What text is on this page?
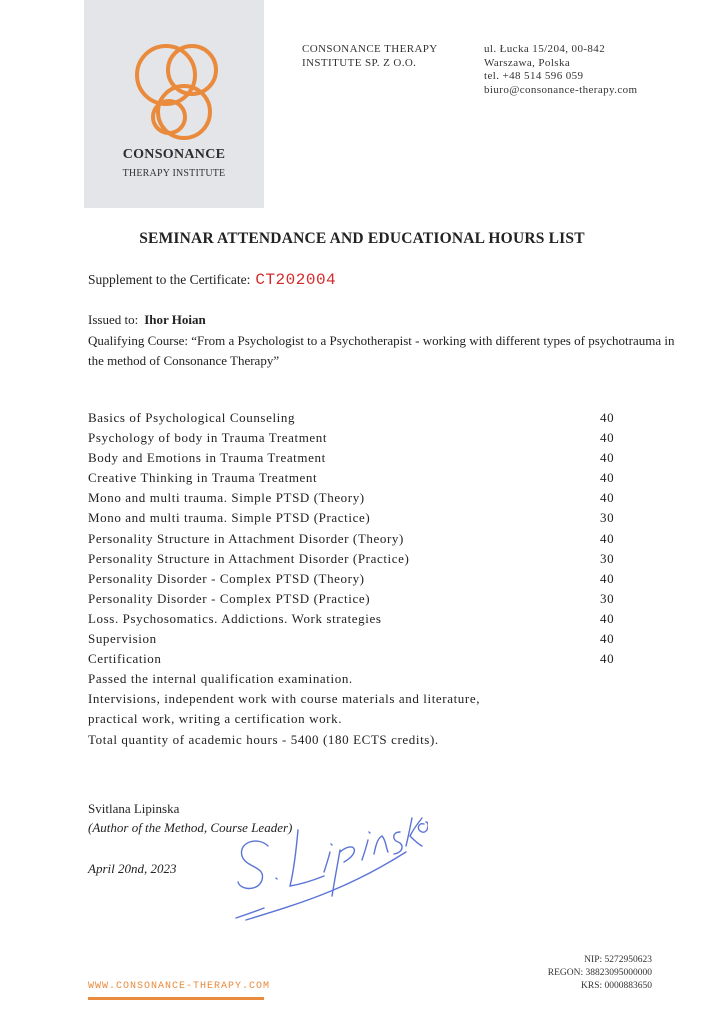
CONSONANCE
THERAPY INSTITUTE
CONSONANCE THERAPY
INSTITUTE SP. Z O.O.
ul. Łucka 15/204, 00-842
Warszawa, Polska
tel. +48 514 596 059
biuro@consonance-therapy.com
SEMINAR ATTENDANCE AND EDUCATIONAL HOURS LIST
Supplement to the Certificate: CT202004
Issued to: Ihor Hoian
Qualifying Course: “From a Psychologist to a Psychotherapist - working with different types of psychotrauma in the method of Consonance Therapy”
Basics of Psychological Counseling	40
Psychology of body in Trauma Treatment	40
Body and Emotions in Trauma Treatment	40
Creative Thinking in Trauma Treatment	40
Mono and multi trauma. Simple PTSD (Theory)	40
Mono and multi trauma. Simple PTSD (Practice)	30
Personality Structure in Attachment Disorder (Theory)	40
Personality Structure in Attachment Disorder (Practice)	30
Personality Disorder - Complex PTSD (Theory)	40
Personality Disorder - Complex PTSD (Practice)	30
Loss. Psychosomatics. Addictions. Work strategies	40
Supervision	40
Certification	40
Passed the internal qualification examination.
Intervisions, independent work with course materials and literature,
practical work, writing a certification work.
Total quantity of academic hours - 5400 (180 ECTS credits).
Svitlana Lipinska
(Author of the Method, Course Leader)
April 20nd, 2023
NIP: 5272950623
REGON: 38823095000000
KRS: 0000883650
WWW.CONSONANCE-THERAPY.COM
